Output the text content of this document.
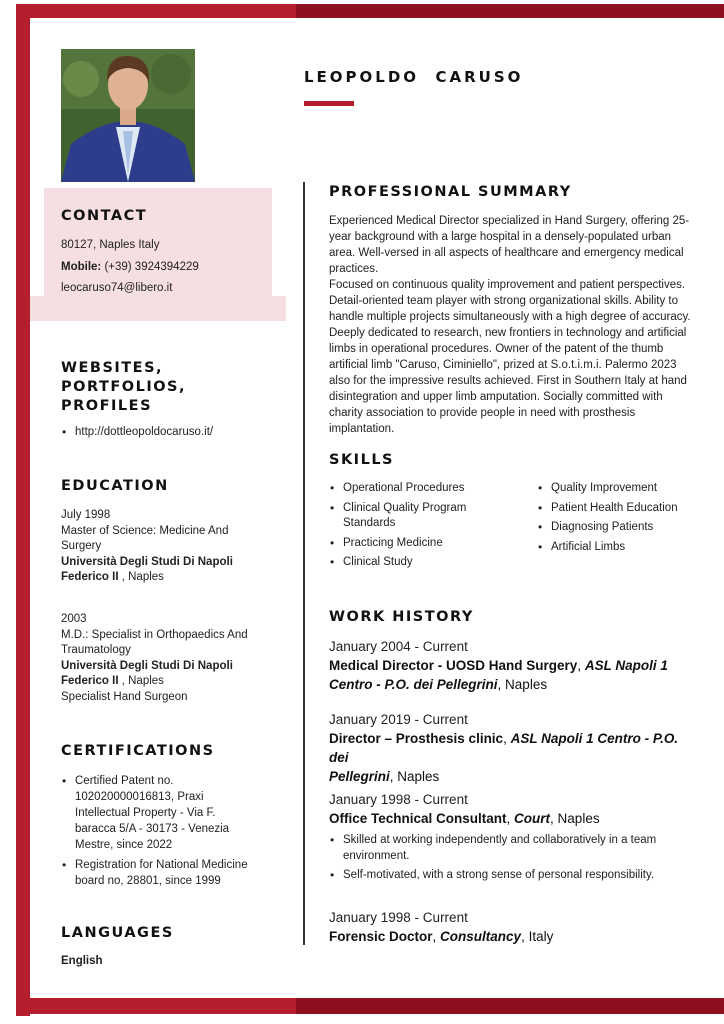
LEOPOLDO  CARUSO
CONTACT
80127, Naples Italy
Mobile: (+39) 3924394229
leocaruso74@libero.it
WEBSITES,
PORTFOLIOS,
PROFILES
• http://dottleopoldocaruso.it/
EDUCATION
July 1998
Master of Science: Medicine And
Surgery
Università Degli Studi Di Napoli
Federico II , Naples
2003
M.D.: Specialist in Orthopaedics And
Traumatology
Università Degli Studi Di Napoli
Federico II , Naples
Specialist Hand Surgeon
CERTIFICATIONS
• Certified Patent no.
102020000016813, Praxi
Intellectual Property - Via F.
baracca 5/A - 30173 - Venezia
Mestre, since 2022
• Registration for National Medicine
board no, 28801, since 1999
LANGUAGES
English
PROFESSIONAL SUMMARY
Experienced Medical Director specialized in Hand Surgery, offering 25-
year background with a large hospital in a densely-populated urban
area. Well-versed in all aspects of healthcare and emergency medical
practices.
Focused on continuous quality improvement and patient perspectives.
Detail-oriented team player with strong organizational skills. Ability to
handle multiple projects simultaneously with a high degree of accuracy.
Deeply dedicated to research, new frontiers in technology and artificial
limbs in operational procedures. Owner of the patent of the thumb
artificial limb "Caruso, Ciminiello", prized at S.o.t.i.m.i. Palermo 2023
also for the impressive results achieved. First in Southern Italy at hand
disintegration and upper limb amputation. Socially committed with
charity association to provide people in need with prosthesis
implantation.
SKILLS
• Operational Procedures
• Clinical Quality Program
Standards
• Practicing Medicine
• Clinical Study
• Quality Improvement
• Patient Health Education
• Diagnosing Patients
• Artificial Limbs
WORK HISTORY
January 2004 - Current
Medical Director - UOSD Hand Surgery, ASL Napoli 1
Centro - P.O. dei Pellegrini, Naples
January 2019 - Current
Director – Prosthesis clinic, ASL Napoli 1 Centro - P.O. dei
Pellegrini, Naples
January 1998 - Current
Office Technical Consultant, Court, Naples
• Skilled at working independently and collaboratively in a team
environment.
• Self-motivated, with a strong sense of personal responsibility.
January 1998 - Current
Forensic Doctor, Consultancy, Italy
